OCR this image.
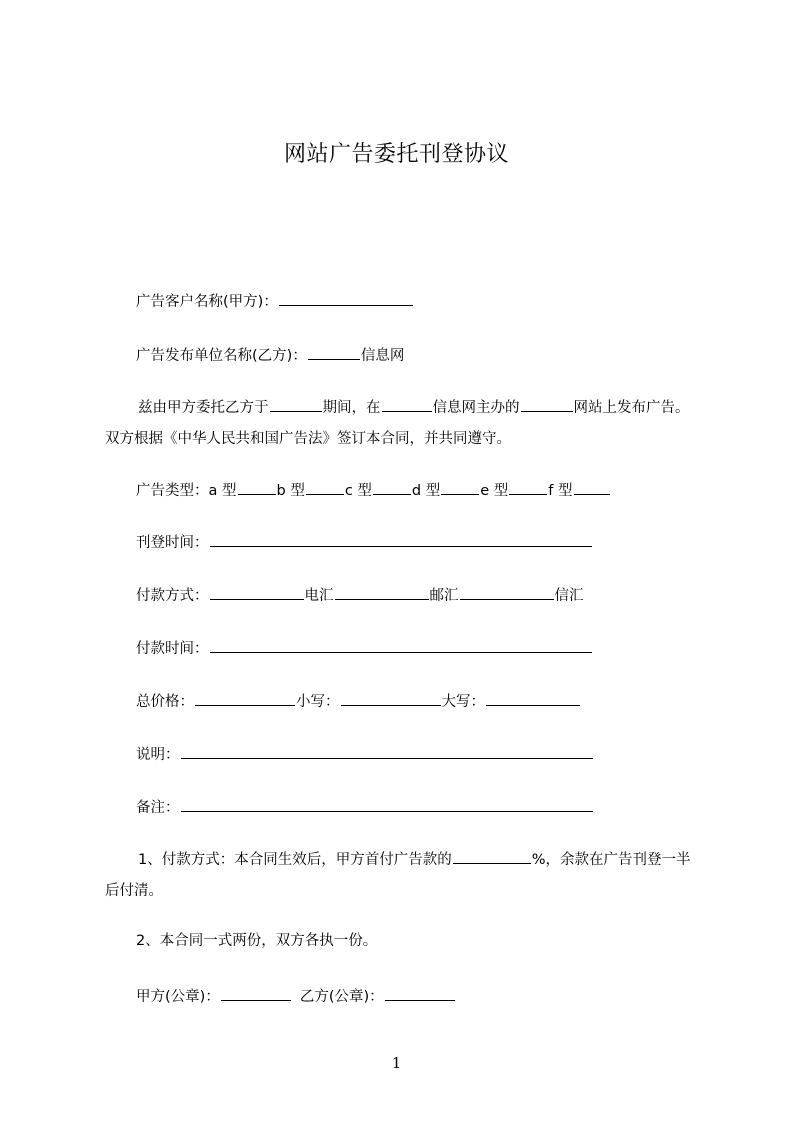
网站广告委托刊登协议
广告客户名称(甲方)：
广告发布单位名称(乙方)：	信息网
兹由甲方委托乙方于	期间，在	信息网主办的	网站上发布广告。双方根据《中华人民共和国广告法》签订本合同，并共同遵守。
广告类型：a 型	b 型	c 型	d 型	e 型	f 型
刊登时间：
付款方式：	电汇	邮汇	信汇
付款时间：
总价格：	小写：	大写：
说明：
备注：
1、付款方式：本合同生效后，甲方首付广告款的	%，余款在广告刊登一半后付清。
2、本合同一式两份，双方各执一份。
甲方(公章)：	乙方(公章)：
1
